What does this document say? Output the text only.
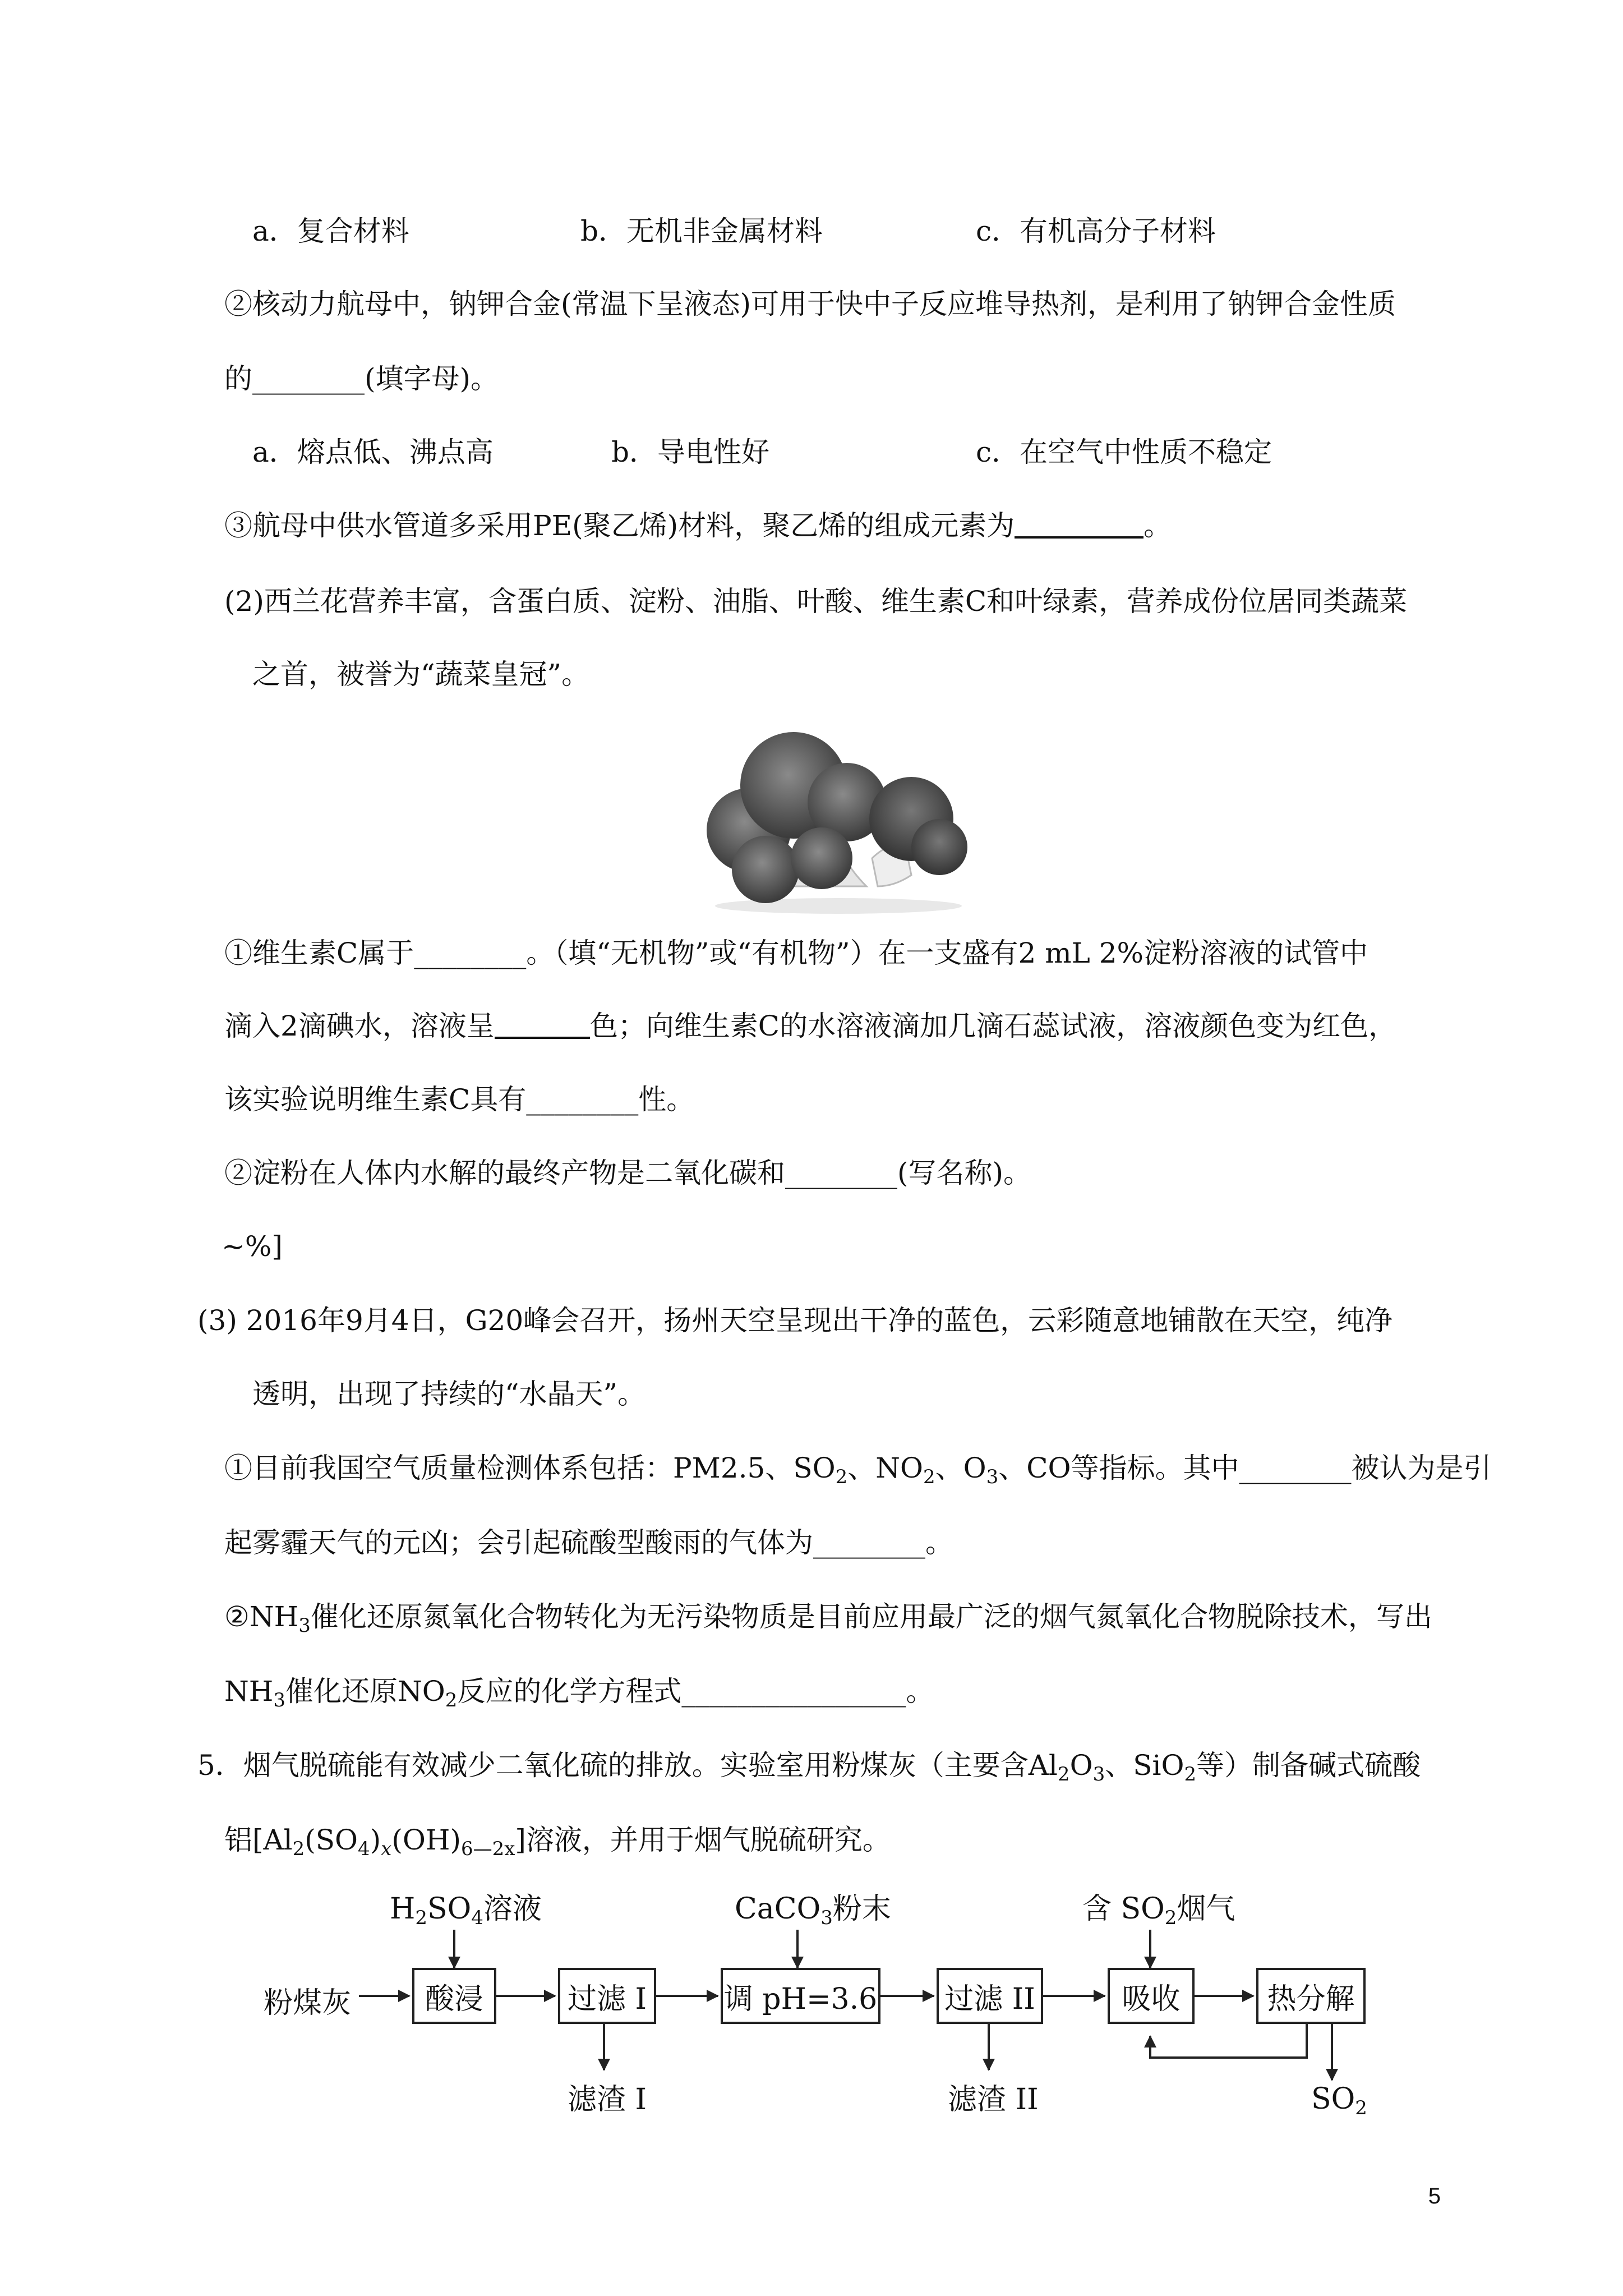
a．复合材料	b．无机非金属材料	c．有机高分子材料
②核动力航母中，钠钾合金(常温下呈液态)可用于快中子反应堆导热剂，是利用了钠钾合金性质
的________(填字母)。
a．熔点低、沸点高	b．导电性好	c．在空气中性质不稳定
③航母中供水管道多采用PE(聚乙烯)材料，聚乙烯的组成元素为	。
(2)西兰花营养丰富，含蛋白质、淀粉、油脂、叶酸、维生素C和叶绿素，营养成份位居同类蔬菜
之首，被誉为“蔬菜皇冠”。
①维生素C属于________。（填“无机物”或“有机物”）在一支盛有2 mL 2%淀粉溶液的试管中
滴入2滴碘水，溶液呈	色；向维生素C的水溶液滴加几滴石蕊试液，溶液颜色变为红色，
该实验说明维生素C具有________性。
②淀粉在人体内水解的最终产物是二氧化碳和________(写名称)。
~%]
(3) 2016年9月4日，G20峰会召开，扬州天空呈现出干净的蓝色，云彩随意地铺散在天空，纯净
透明，出现了持续的“水晶天”。
①目前我国空气质量检测体系包括：PM2.5、$SO_2$、$NO_2$、$O_3$、CO等指标。其中________被认为是引
起雾霾天气的元凶；会引起硫酸型酸雨的气体为________。
$②NH_3$催化还原氮氧化合物转化为无污染物质是目前应用最广泛的烟气氮氧化合物脱除技术，写出
$NH_3$催化还原$NO_2$反应的化学方程式________________。
5．烟气脱硫能有效减少二氧化硫的排放。实验室用粉煤灰（主要含$Al_2O_3$、SiO$_2$等）制备碱式硫酸
铝$[Al_2(SO_4)_x(OH)_{6—2x}]$溶液，并用于烟气脱硫研究。
粉煤灰	酸浸	过滤 I	调 pH=3.6 过滤 II	吸收	热分解
$H_2SO_4$溶液	CaCO$_3$粉末	含 $SO_2$烟气
滤渣 I	滤渣 II	$SO_2$
5
